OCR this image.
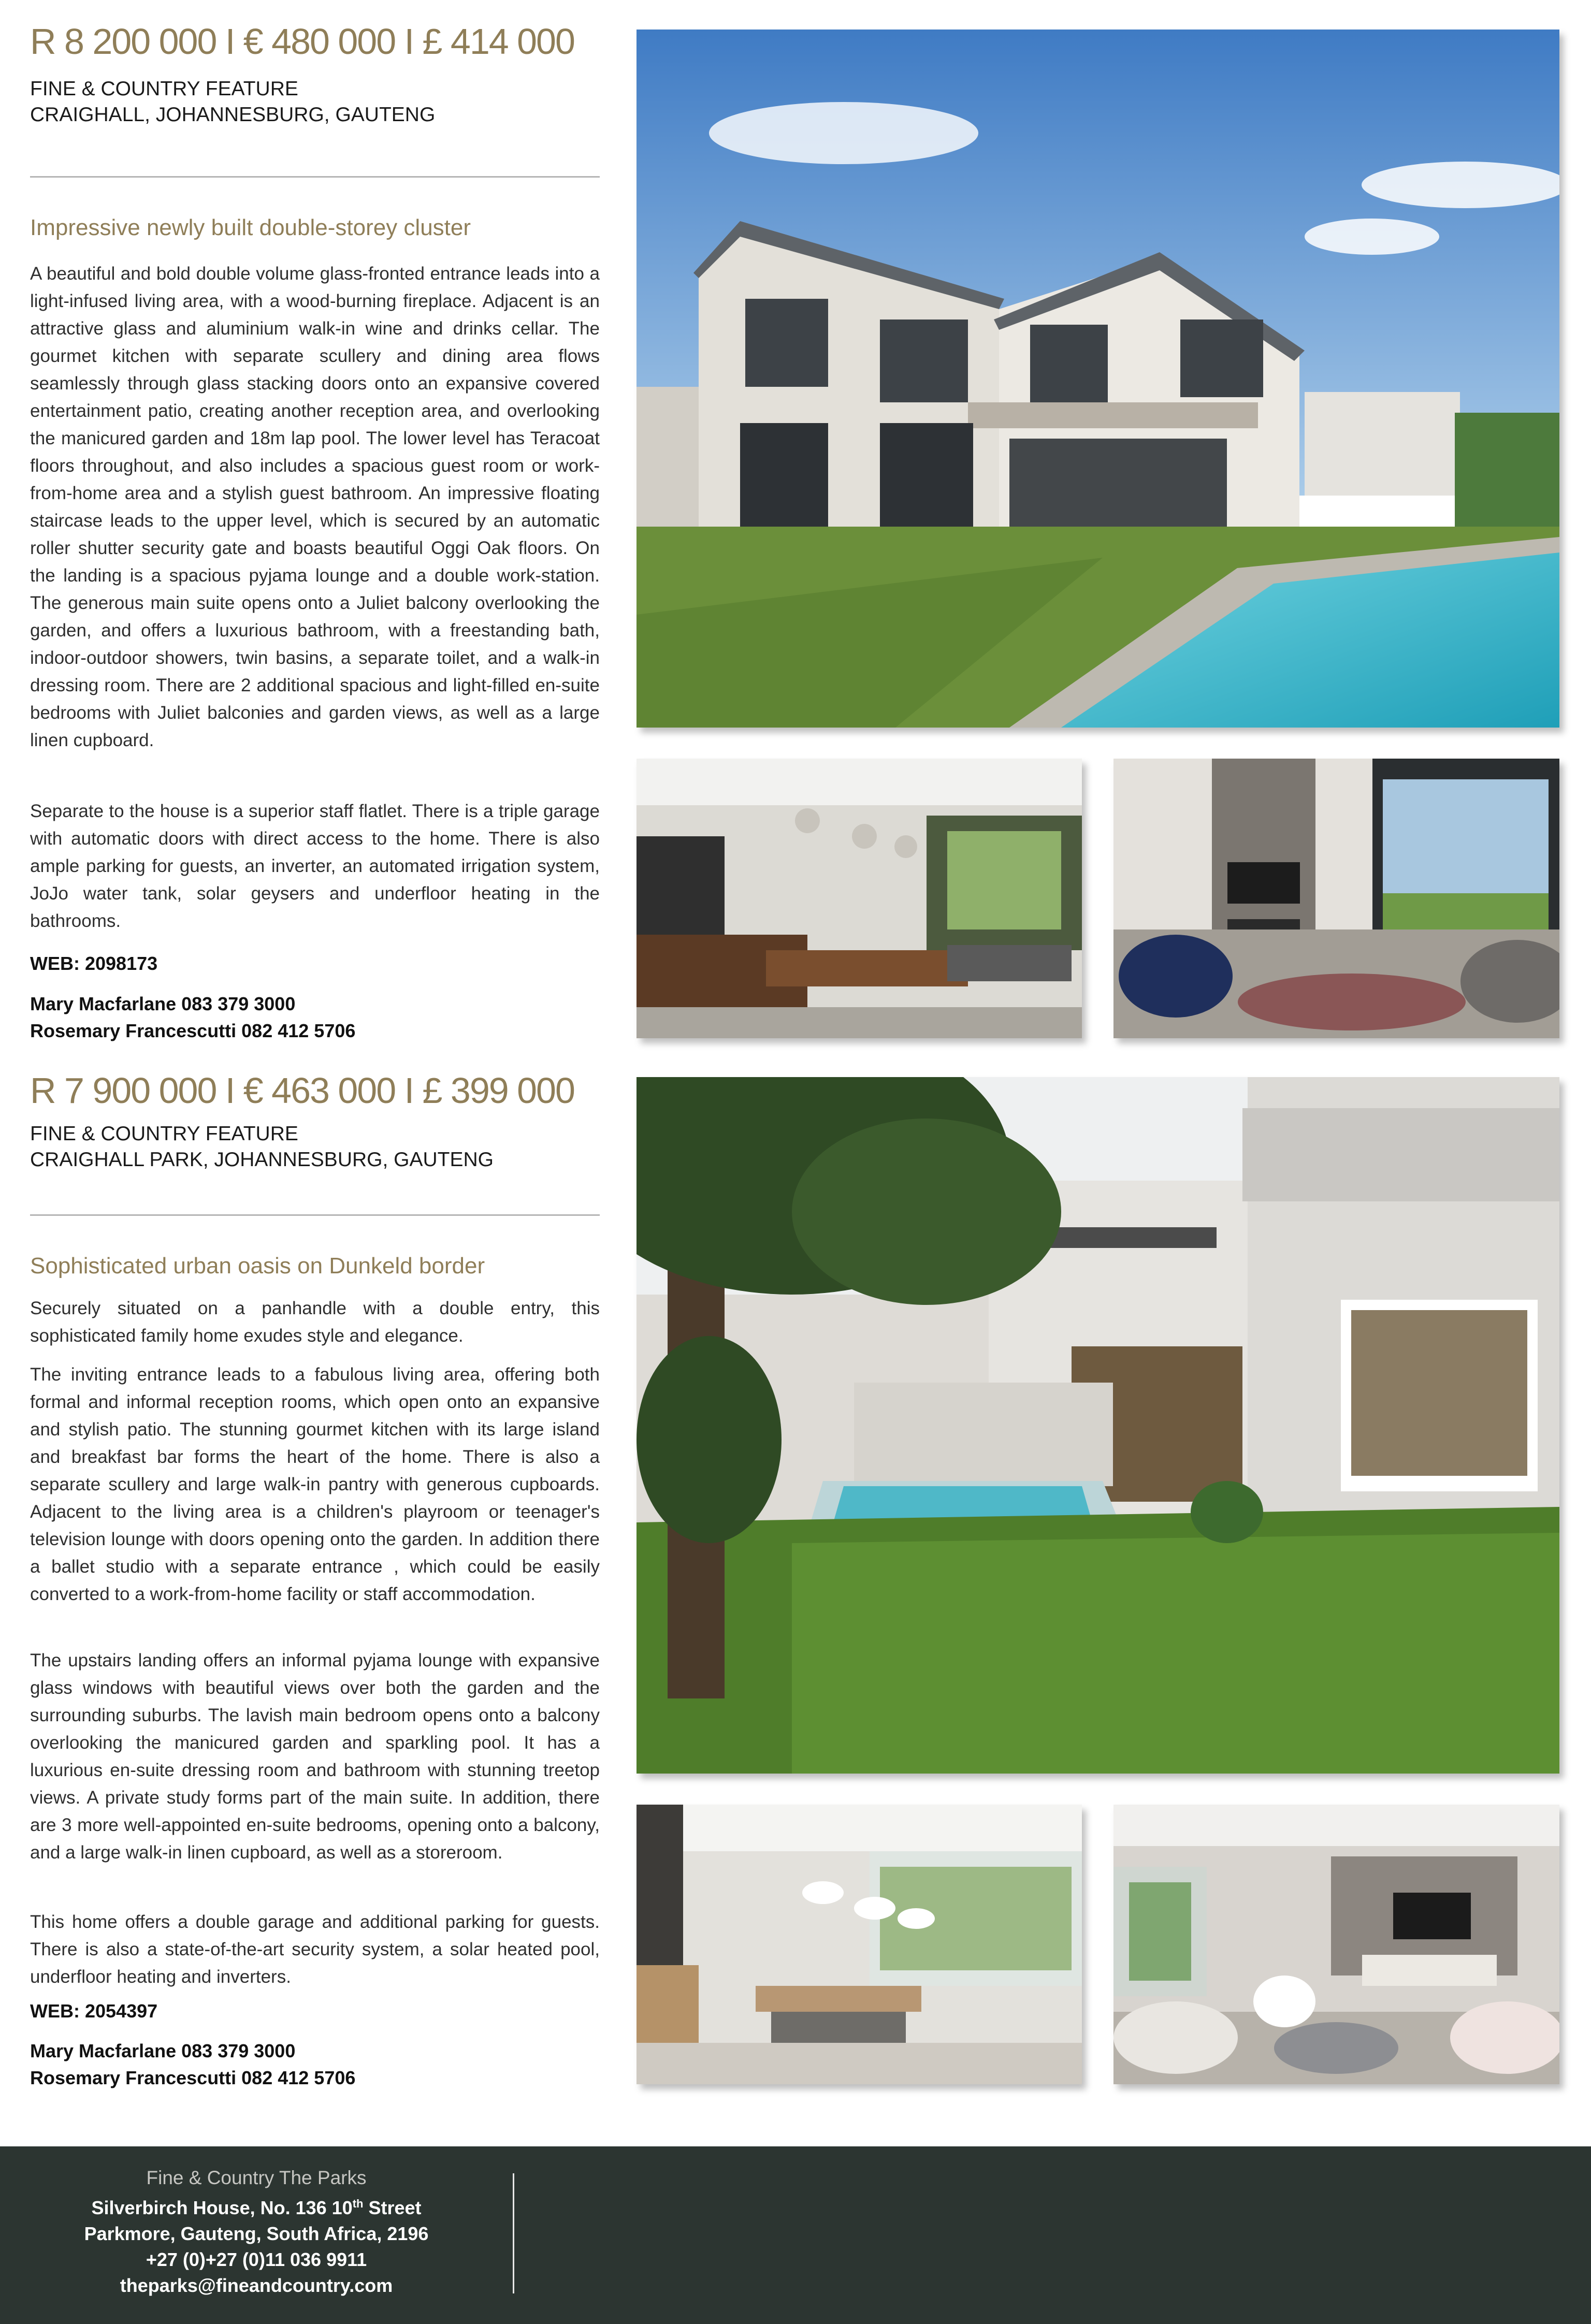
R 8 200 000 I € 480 000 I £ 414 000
FINE & COUNTRY FEATURE
CRAIGHALL, JOHANNESBURG, GAUTENG
Impressive newly built double-storey cluster

A beautiful and bold double volume glass-fronted entrance leads into a light-infused living area, with a wood-burning fireplace. Adjacent is an attractive glass and aluminium walk-in wine and drinks cellar. The gourmet kitchen with separate scullery and dining area flows seamlessly through glass stacking doors onto an expansive covered entertainment patio, creating another reception area, and overlooking the manicured garden and 18m lap pool. The lower level has Teracoat floors throughout, and also includes a spacious guest room or work-from-home area and a stylish guest bathroom. An impressive floating staircase leads to the upper level, which is secured by an automatic roller shutter security gate and boasts beautiful Oggi Oak floors. On the landing is a spacious pyjama lounge and a double work-station. The generous main suite opens onto a Juliet balcony overlooking the garden, and offers a luxurious bathroom, with a freestanding bath, indoor-outdoor showers, twin basins, a separate toilet, and a walk-in dressing room. There are 2 additional spacious and light-filled en-suite bedrooms with Juliet balconies and garden views, as well as a large linen cupboard.

Separate to the house is a superior staff flatlet. There is a triple garage with automatic doors with direct access to the home. There is also ample parking for guests, an inverter, an automated irrigation system, JoJo water tank, solar geysers and underfloor heating in the bathrooms.

WEB: 2098173
Mary Macfarlane 083 379 3000
Rosemary Francescutti 082 412 5706
R 7 900 000 I € 463 000 I £ 399 000
FINE & COUNTRY FEATURE
CRAIGHALL PARK, JOHANNESBURG, GAUTENG
Sophisticated urban oasis on Dunkeld border

Securely situated on a panhandle with a double entry, this sophisticated family home exudes style and elegance.

The inviting entrance leads to a fabulous living area, offering both formal and informal reception rooms, which open onto an expansive and stylish patio. The stunning gourmet kitchen with its large island and breakfast bar forms the heart of the home. There is also a separate scullery and large walk-in pantry with generous cupboards. Adjacent to the living area is a children's playroom or teenager's television lounge with doors opening onto the garden. In addition there a ballet studio with a separate entrance , which could be easily converted to a work-from-home facility or staff accommodation.

The upstairs landing offers an informal pyjama lounge with expansive glass windows with beautiful views over both the garden and the surrounding suburbs. The lavish main bedroom opens onto a balcony overlooking the manicured garden and sparkling pool. It has a luxurious en-suite dressing room and bathroom with stunning treetop views. A private study forms part of the main suite. In addition, there are 3 more well-appointed en-suite bedrooms, opening onto a balcony, and a large walk-in linen cupboard, as well as a storeroom.

This home offers a double garage and additional parking for guests. There is also a state-of-the-art security system, a solar heated pool, underfloor heating and inverters.

WEB: 2054397
Mary Macfarlane 083 379 3000
Rosemary Francescutti 082 412 5706
Fine & Country The Parks
Silverbirch House, No. 136 10th Street
Parkmore, Gauteng, South Africa, 2196
+27 (0)+27 (0)11 036 9911
theparks@fineandcountry.com
